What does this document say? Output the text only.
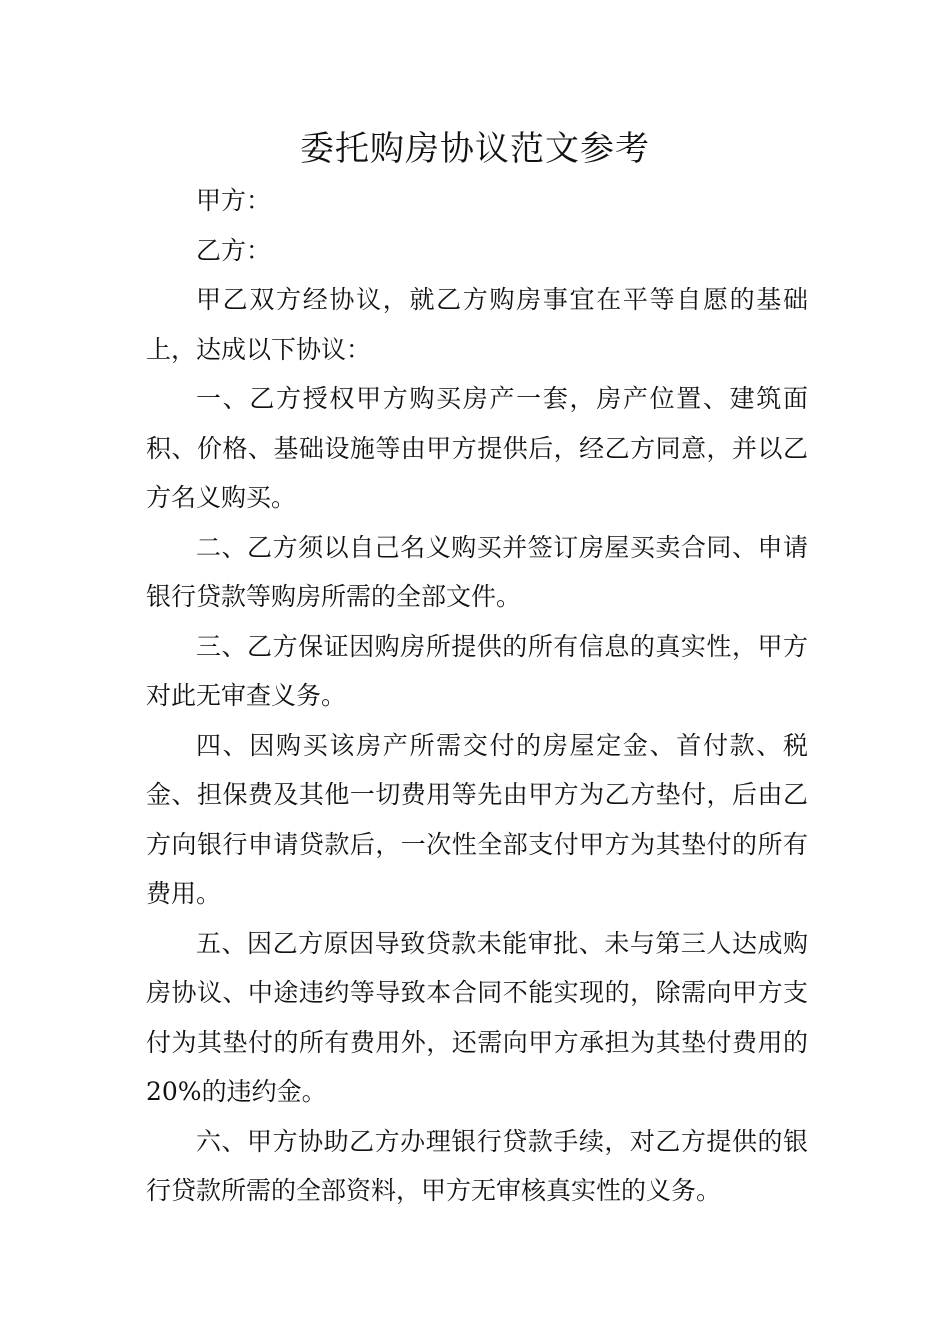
委托购房协议范文参考

甲方：

乙方：

甲乙双方经协议，就乙方购房事宜在平等自愿的基础上，达成以下协议：

一、乙方授权甲方购买房产一套，房产位置、建筑面积、价格、基础设施等由甲方提供后，经乙方同意，并以乙方名义购买。

二、乙方须以自己名义购买并签订房屋买卖合同、申请银行贷款等购房所需的全部文件。

三、乙方保证因购房所提供的所有信息的真实性，甲方对此无审查义务。

四、因购买该房产所需交付的房屋定金、首付款、税金、担保费及其他一切费用等先由甲方为乙方垫付，后由乙方向银行申请贷款后，一次性全部支付甲方为其垫付的所有费用。

五、因乙方原因导致贷款未能审批、未与第三人达成购房协议、中途违约等导致本合同不能实现的，除需向甲方支付为其垫付的所有费用外，还需向甲方承担为其垫付费用的20%的违约金。

六、甲方协助乙方办理银行贷款手续，对乙方提供的银行贷款所需的全部资料，甲方无审核真实性的义务。
